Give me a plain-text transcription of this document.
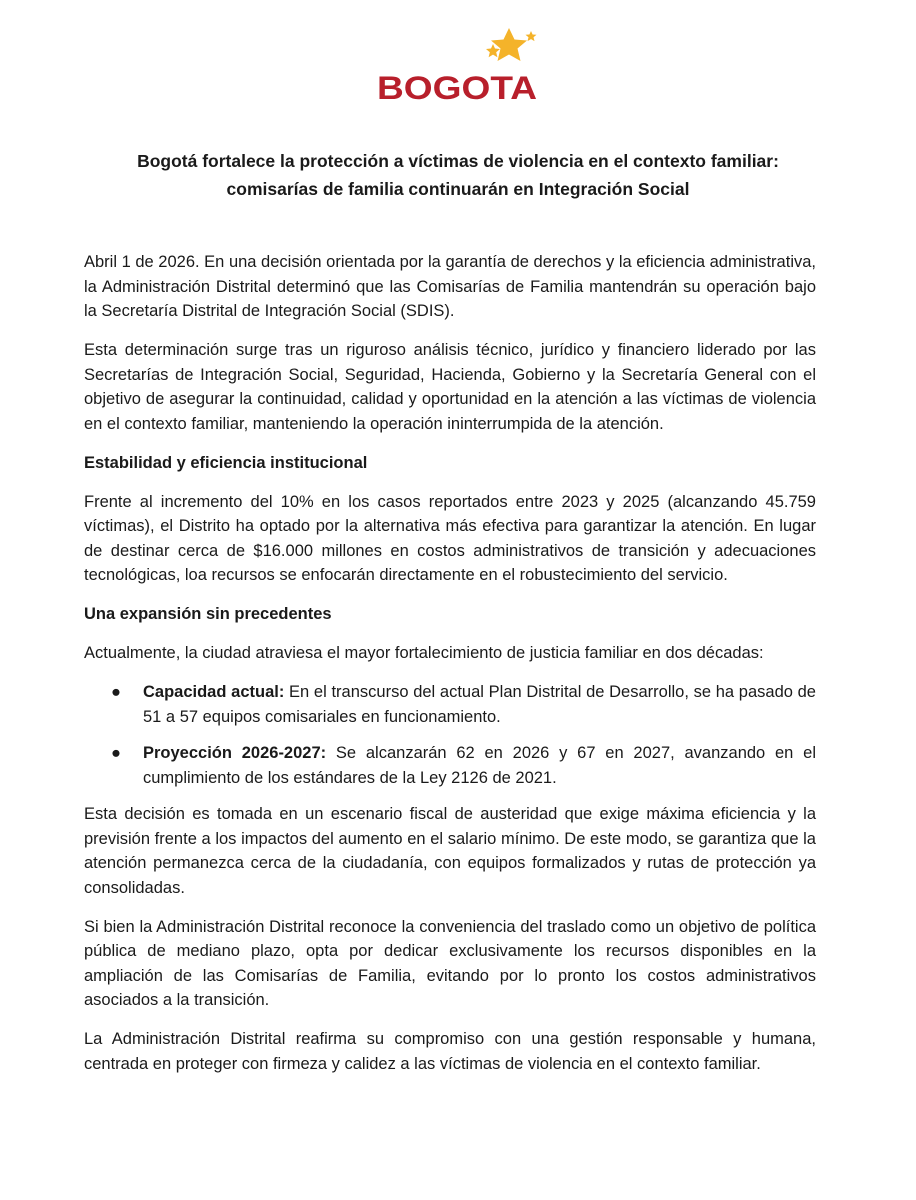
BOGOTA
Bogotá fortalece la protección a víctimas de violencia en el contexto familiar:
comisarías de familia continuarán en Integración Social

Abril 1 de 2026. En una decisión orientada por la garantía de derechos y la eficiencia administrativa, la Administración Distrital determinó que las Comisarías de Familia mantendrán su operación bajo la Secretaría Distrital de Integración Social (SDIS).

Esta determinación surge tras un riguroso análisis técnico, jurídico y financiero liderado por las Secretarías de Integración Social, Seguridad, Hacienda, Gobierno y la Secretaría General con el objetivo de asegurar la continuidad, calidad y oportunidad en la atención a las víctimas de violencia en el contexto familiar, manteniendo la operación ininterrumpida de la atención.

Estabilidad y eficiencia institucional

Frente al incremento del 10% en los casos reportados entre 2023 y 2025 (alcanzando 45.759 víctimas), el Distrito ha optado por la alternativa más efectiva para garantizar la atención. En lugar de destinar cerca de $16.000 millones en costos administrativos de transición y adecuaciones tecnológicas, loa recursos se enfocarán directamente en el robustecimiento del servicio.

Una expansión sin precedentes

Actualmente, la ciudad atraviesa el mayor fortalecimiento de justicia familiar en dos décadas:

● Capacidad actual: En el transcurso del actual Plan Distrital de Desarrollo, se ha pasado de 51 a 57 equipos comisariales en funcionamiento.
● Proyección 2026-2027: Se alcanzarán 62 en 2026 y 67 en 2027, avanzando en el cumplimiento de los estándares de la Ley 2126 de 2021.

Esta decisión es tomada en un escenario fiscal de austeridad que exige máxima eficiencia y la previsión frente a los impactos del aumento en el salario mínimo. De este modo, se garantiza que la atención permanezca cerca de la ciudadanía, con equipos formalizados y rutas de protección ya consolidadas.

Si bien la Administración Distrital reconoce la conveniencia del traslado como un objetivo de política pública de mediano plazo, opta por dedicar exclusivamente los recursos disponibles en la ampliación de las Comisarías de Familia, evitando por lo pronto los costos administrativos asociados a la transición.

La Administración Distrital reafirma su compromiso con una gestión responsable y humana, centrada en proteger con firmeza y calidez a las víctimas de violencia en el contexto familiar.
